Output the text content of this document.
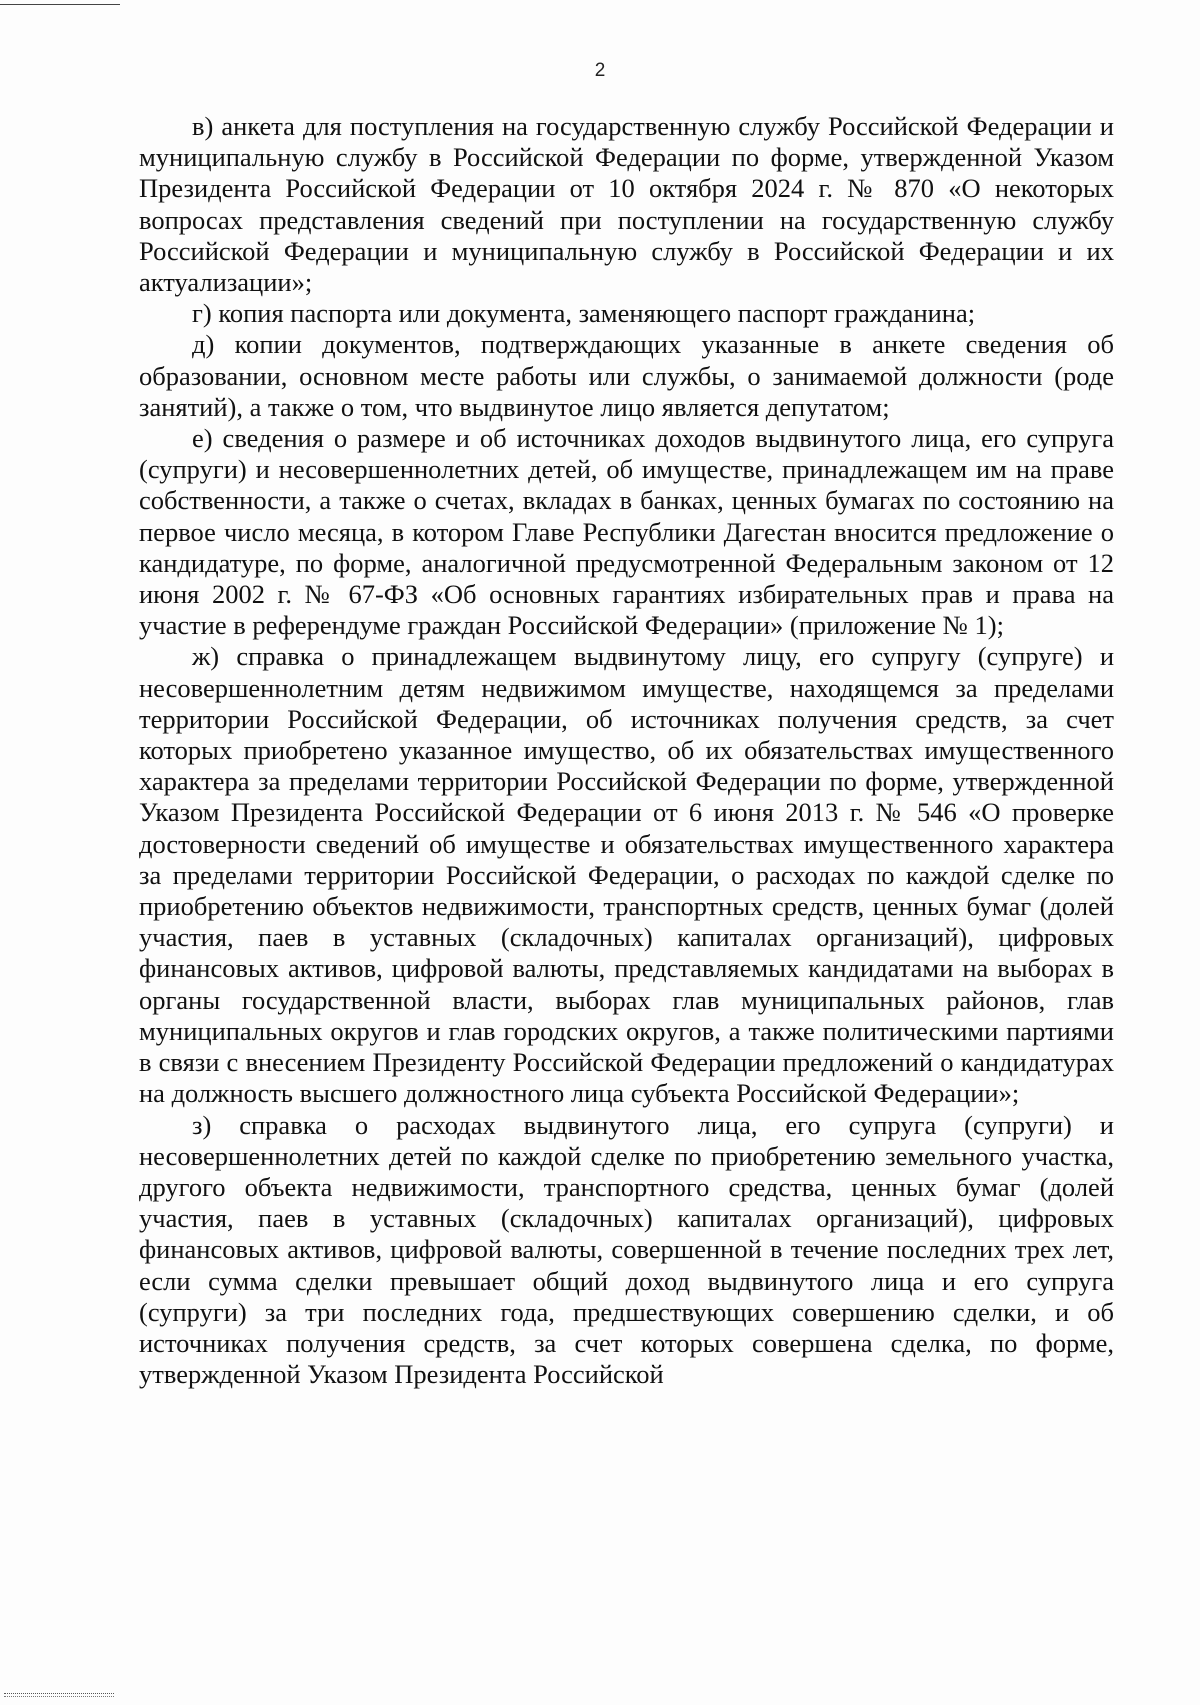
2

в) анкета для поступления на государственную службу Российской Федерации и муниципальную службу в Российской Федерации по форме, утвержденной Указом Президента Российской Федерации от 10 октября 2024 г. № 870 «О некоторых вопросах представления сведений при поступлении на государственную службу Российской Федерации и муниципальную службу в Российской Федерации и их актуализации»;

г) копия паспорта или документа, заменяющего паспорт гражданина;

д) копии документов, подтверждающих указанные в анкете сведения об образовании, основном месте работы или службы, о занимаемой должности (роде занятий), а также о том, что выдвинутое лицо является депутатом;

е) сведения о размере и об источниках доходов выдвинутого лица, его супруга (супруги) и несовершеннолетних детей, об имуществе, принадлежащем им на праве собственности, а также о счетах, вкладах в банках, ценных бумагах по состоянию на первое число месяца, в котором Главе Республики Дагестан вносится предложение о кандидатуре, по форме, аналогичной предусмотренной Федеральным законом от 12 июня 2002 г. № 67-ФЗ «Об основных гарантиях избирательных прав и права на участие в референдуме граждан Российской Федерации» (приложение № 1);

ж) справка о принадлежащем выдвинутому лицу, его супругу (супруге) и несовершеннолетним детям недвижимом имуществе, находящемся за пределами территории Российской Федерации, об источниках получения средств, за счет которых приобретено указанное имущество, об их обязательствах имущественного характера за пределами территории Российской Федерации по форме, утвержденной Указом Президента Российской Федерации от 6 июня 2013 г. № 546 «О проверке достоверности сведений об имуществе и обязательствах имущественного характера за пределами территории Российской Федерации, о расходах по каждой сделке по приобретению объектов недвижимости, транспортных средств, ценных бумаг (долей участия, паев в уставных (складочных) капиталах организаций), цифровых финансовых активов, цифровой валюты, представляемых кандидатами на выборах в органы государственной власти, выборах глав муниципальных районов, глав муниципальных округов и глав городских округов, а также политическими партиями в связи с внесением Президенту Российской Федерации предложений о кандидатурах на должность высшего должностного лица субъекта Российской Федерации»;

з) справка о расходах выдвинутого лица, его супруга (супруги) и несовершеннолетних детей по каждой сделке по приобретению земельного участка, другого объекта недвижимости, транспортного средства, ценных бумаг (долей участия, паев в уставных (складочных) капиталах организаций), цифровых финансовых активов, цифровой валюты, совершенной в течение последних трех лет, если сумма сделки превышает общий доход выдвинутого лица и его супруга (супруги) за три последних года, предшествующих совершению сделки, и об источниках получения средств, за счет которых совершена сделка, по форме, утвержденной Указом Президента Российской
